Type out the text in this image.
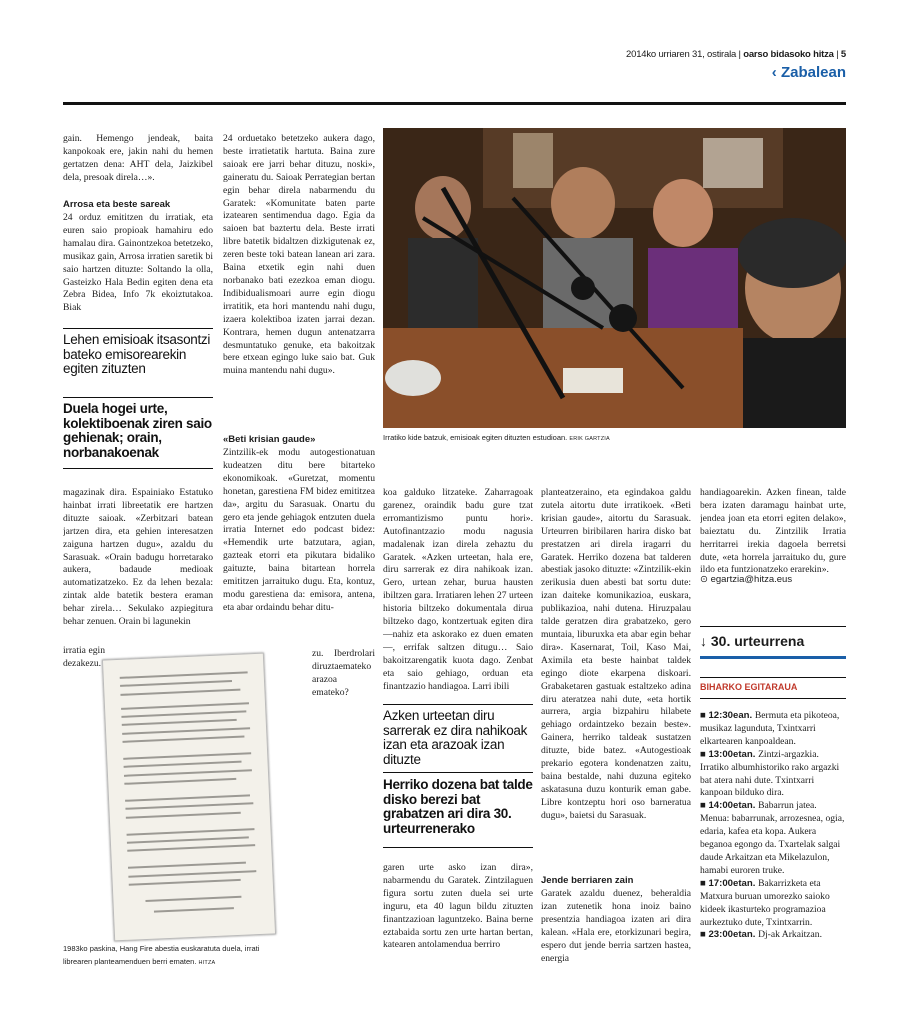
2014ko urriaren 31, ostirala | oarso bidasoko hitza | 5
‹ Zabalean
gain. Hemengo jendeak, baita kanpokoak ere, jakin nahi du hemen gertatzen dena: AHT dela, Jaizkibel dela, presoak direla…».
Arrosa eta beste sareak
24 orduz emititzen du irratiak, eta euren saio propioak hamahiru edo hamalau dira. Gainontzekoa betetzeko, musikaz gain, Arrosa irratien saretik bi saio hartzen dituzte: Soltando la olla, Gasteizko Hala Bedin egiten dena eta Zebra Bidea, Info 7k ekoiztutakoa. Biak
Lehen emisioak itsasontzi bateko emisorearekin egiten zituzten
Duela hogei urte, kolektiboenak ziren saio gehienak; orain, norbanakoenak
24 orduetako betetzeko aukera dago, beste irratietatik hartuta. Baina zure saioak ere jarri behar dituzu, noski», gaineratu du. Saioak Perrategian bertan egin behar direla nabarmendu du Garatek: «Komunitate baten parte izatearen sentimendua dago. Egia da saioen bat baztertu dela. Beste irrati libre batetik bidaltzen dizkigutenak ez, zeren beste toki batean lanean ari zara. Baina etxetik egin nahi duen norbanako bati ezezkoa eman diogu. Indibidualismoari aurre egin diogu irratitik, eta hori mantendu nahi dugu, izaera kolektiboa izaten jarrai dezan. Kontrara, hemen dugun antenatzarra desmuntatuko genuke, eta bakoitzak bere etxean egingo luke saio bat. Guk muina mantendu nahi dugu».
«Beti krisian gaude»
Zintzilik-ek modu autogestionatuan kudeatzen ditu bere bitarteko ekonomikoak. «Guretzat, momentu honetan, garestiena FM bidez emititzea da», argitu du Sarasuak. Onartu du gero eta jende gehiagok entzuten duela irratia Internet edo podcast bidez: «Hemendik urte batzutara, agian, gazteak etorri eta pikutara bidaliko gaituzte, baina bitartean horrela emititzen jarraituko dugu. Eta, kontuz, modu garestiena da: emisora, antena, eta abar ordaindu behar ditu-
Irratiko kide batzuk, emisioak egiten dituzten estudioan. ERIK GARTZIA
magazinak dira. Espainiako Estatuko hainbat irrati libreetatik ere hartzen dituzte saioak. «Zerbitzari batean jartzen dira, eta gehien interesatzen zaiguna hartzen dugu», azaldu du Sarasuak. «Orain badugu horretarako aukera, badaude medioak automatizatzeko. Ez da lehen bezala: zintak alde batetik bestera eraman behar zirela… Sekulako azpiegitura behar zenuen. Orain bi lagunekin
irratia egin dezakezu.
1983ko paskina, Hang Fire abestia euskaratuta duela, irrati librearen planteamenduen berri ematen. HITZA
zu. Iberdrolari diruztaemateko arazoa emateko?
koa galduko litzateke. Zaharragoak garenez, oraindik badu gure tzat erromantizismo puntu hori». Autofinantzazio modu nagusia madalenak izan direla zehaztu du Garatek. «Azken urteetan, hala ere, diru sarrerak ez dira nahikoak izan. Gero, urtean zehar, burua hausten ibiltzen gara. Irratiaren lehen 27 urteen historia biltzeko dokumentala dirua biltzeko dago, kontzertuak egiten dira —nahiz eta askorako ez duen ematen—, errifak saltzen ditugu… Saio bakoitzarengatik kuota dago. Zenbat eta saio gehiago, orduan eta finantzazio handiagoa. Larri ibili
Azken urteetan diru sarrerak ez dira nahikoak izan eta arazoak izan dituzte
Herriko dozena bat talde disko berezi bat grabatzen ari dira 30. urteurrenerako
garen urte asko izan dira», nabarmendu du Garatek. Zintzilaguen figura sortu zuten duela sei urte inguru, eta 40 lagun bildu zituzten finantzazioan laguntzeko. Baina berne eztabaida sortu zen urte hartan bertan, katearen antolamendua berriro
planteatzeraino, eta egindakoa galdu zutela aitortu dute irratikoek. «Beti krisian gaude», aitortu du Sarasuak. Urteurren biribilaren harira disko bat prestatzen ari direla iragarri du Garatek. Herriko dozena bat talderen abestiak jasoko dituzte: «Zintzilik-ekin zerikusia duen abesti bat sortu dute: izan daiteke komunikazioa, euskara, publikazioa, nahi dutena. Hiruzpalau talde geratzen dira grabatzeko, gero muntaia, liburuxka eta abar egin behar dira». Kasernarat, Toil, Kaso Mai, Aximila eta beste hainbat taldek egingo diote ekarpena diskoari. Grabaketaren gastuak estaltzeko adina diru ateratzea nahi dute, «eta hortik aurrera, argia bizpahiru hilabete gehiago ordaintzeko bezain beste». Gainera, herriko taldeak sustatzen dituzte, bide batez. «Autogestioak prekario egotera kondenatzen zaitu, baina bestalde, nahi duzuna egiteko askatasuna duzu konturik eman gabe. Libre kontzeptu hori oso barneratua dugu», baietsi du Sarasuak.
Jende berriaren zain
Garatek azaldu duenez, beheraldia izan zutenetik hona inoiz baino presentzia handiagoa izaten ari dira kalean. «Hala ere, etorkizunari begira, espero dut jende berria sartzen hastea, energia
handiagoarekin. Azken finean, talde bera izaten daramagu hainbat urte, jendea joan eta etorri egiten delako», baieztatu du. Zintzilik Irratia herritarrei irekia dagoela berretsi dute, «eta horrela jarraituko du, gure ildo eta funtzionatzeko erarekin».
⊙ egartzia@hitza.eus
↓ 30. urteurrena
BIHARKO EGITARAUA
■ 12:30ean. Bermuta eta pikoteoa, musikaz lagunduta, Txintxarri elkartearen kanpoaldean.
■ 13:00etan. Zintzi-argazkia. Irratiko albumhistoriko rako argazki bat atera nahi dute. Txintxarri kanpoan bilduko dira.
■ 14:00etan. Babarrun jatea. Menua: babarrunak, arrozesnea, ogia, edaria, kafea eta kopa. Aukera beganoa egongo da. Txartelak salgai daude Arkaitzan eta Mikelazulon, hamabi euroren truke.
■ 17:00etan. Bakarrizketa eta Matxura buruan umorezko saioko kideek ikasturteko programazioa aurkeztuko dute, Txintxarrin.
■ 23:00etan. Dj-ak Arkaitzan.
